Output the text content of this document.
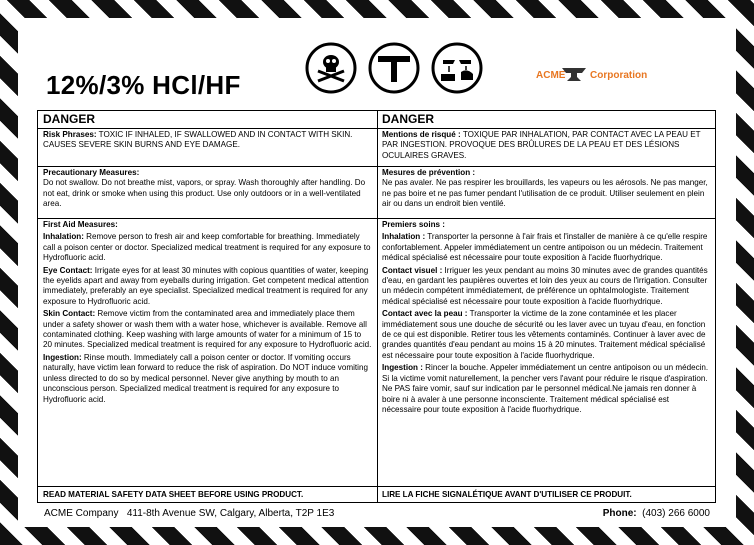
12%/3% HCl/HF	ACME Corporation
DANGER
Risk Phrases: TOXIC IF INHALED, IF SWALLOWED AND IN CONTACT WITH SKIN. CAUSES SEVERE SKIN BURNS AND EYE DAMAGE.
Precautionary Measures:
Do not swallow. Do not breathe mist, vapors, or spray. Wash thoroughly after handling. Do not eat, drink or smoke when using this product. Use only outdoors or in a well-ventilated area.
First Aid Measures:

Inhalation: Remove person to fresh air and keep comfortable for breathing. Immediately call a poison center or doctor. Specialized medical treatment is required for any exposure to Hydrofluoric acid.

Eye Contact: Irrigate eyes for at least 30 minutes with copious quantities of water, keeping the eyelids apart and away from eyeballs during irrigation. Get competent medical attention immediately, preferably an eye specialist. Specialized medical treatment is required for any exposure to Hydrofluoric acid.

Skin Contact: Remove victim from the contaminated area and immediately place them under a safety shower or wash them with a water hose, whichever is available. Remove all contaminated clothing. Keep washing with large amounts of water for a minimum of 15 to 20 minutes. Specialized medical treatment is required for any exposure to Hydrofluoric acid.

Ingestion: Rinse mouth. Immediately call a poison center or doctor. If vomiting occurs naturally, have victim lean forward to reduce the risk of aspiration. Do NOT induce vomiting unless directed to do so by medical personnel. Never give anything by mouth to an unconscious person. Specialized medical treatment is required for any exposure to Hydrofluoric acid.

READ MATERIAL SAFETY DATA SHEET BEFORE USING PRODUCT.
DANGER
Mentions de risqué : TOXIQUE PAR INHALATION, PAR CONTACT AVEC LA PEAU ET PAR INGESTION. PROVOQUE DES BRÛLURES DE LA PEAU ET DES LÉSIONS OCULAIRES GRAVES.
Mesures de prévention :
Ne pas avaler. Ne pas respirer les brouillards, les vapeurs ou les aérosols. Ne pas manger, ne pas boire et ne pas fumer pendant l'utilisation de ce produit. Utiliser seulement en plein air ou dans un endroit bien ventilé.
Premiers soins :

Inhalation : Transporter la personne à l'air frais et l'installer de manière à ce qu'elle respire confortablement. Appeler immédiatement un centre antipoison ou un médecin. Traitement médical spécialisé est nécessaire pour toute exposition à l'acide fluorhydrique.

Contact visuel : Irriguer les yeux pendant au moins 30 minutes avec de grandes quantités d'eau, en gardant les paupières ouvertes et loin des yeux au cours de l'irrigation. Consulter un médecin compétent immédiatement, de préférence un ophtalmologiste. Traitement médical spécialisé est nécessaire pour toute exposition à l'acide fluorhydrique.

Contact avec la peau : Transporter la victime de la zone contaminée et les placer immédiatement sous une douche de sécurité ou les laver avec un tuyau d'eau, en fonction de ce qui est disponible. Retirer tous les vêtements contaminés. Continuer à laver avec de grandes quantités d'eau pendant au moins 15 à 20 minutes. Traitement médical spécialisé est nécessaire pour toute exposition à l'acide fluorhydrique.

Ingestion : Rincer la bouche. Appeler immédiatement un centre antipoison ou un médecin. Si la victime vomit naturellement, la pencher vers l'avant pour réduire le risque d'aspiration. Ne PAS faire vomir, sauf sur indication par le personnel médical.Ne jamais ren donner à boire ni à avaler à une personne inconsciente. Traitement médical spécialisé est nécessaire pour toute exposition à l'acide fluorhydrique.

LIRE LA FICHE SIGNALÉTIQUE AVANT D'UTILISER CE PRODUIT.
ACME Company 411-8th Avenue SW, Calgary, Alberta, T2P 1E3	Phone: (403) 266 6000
